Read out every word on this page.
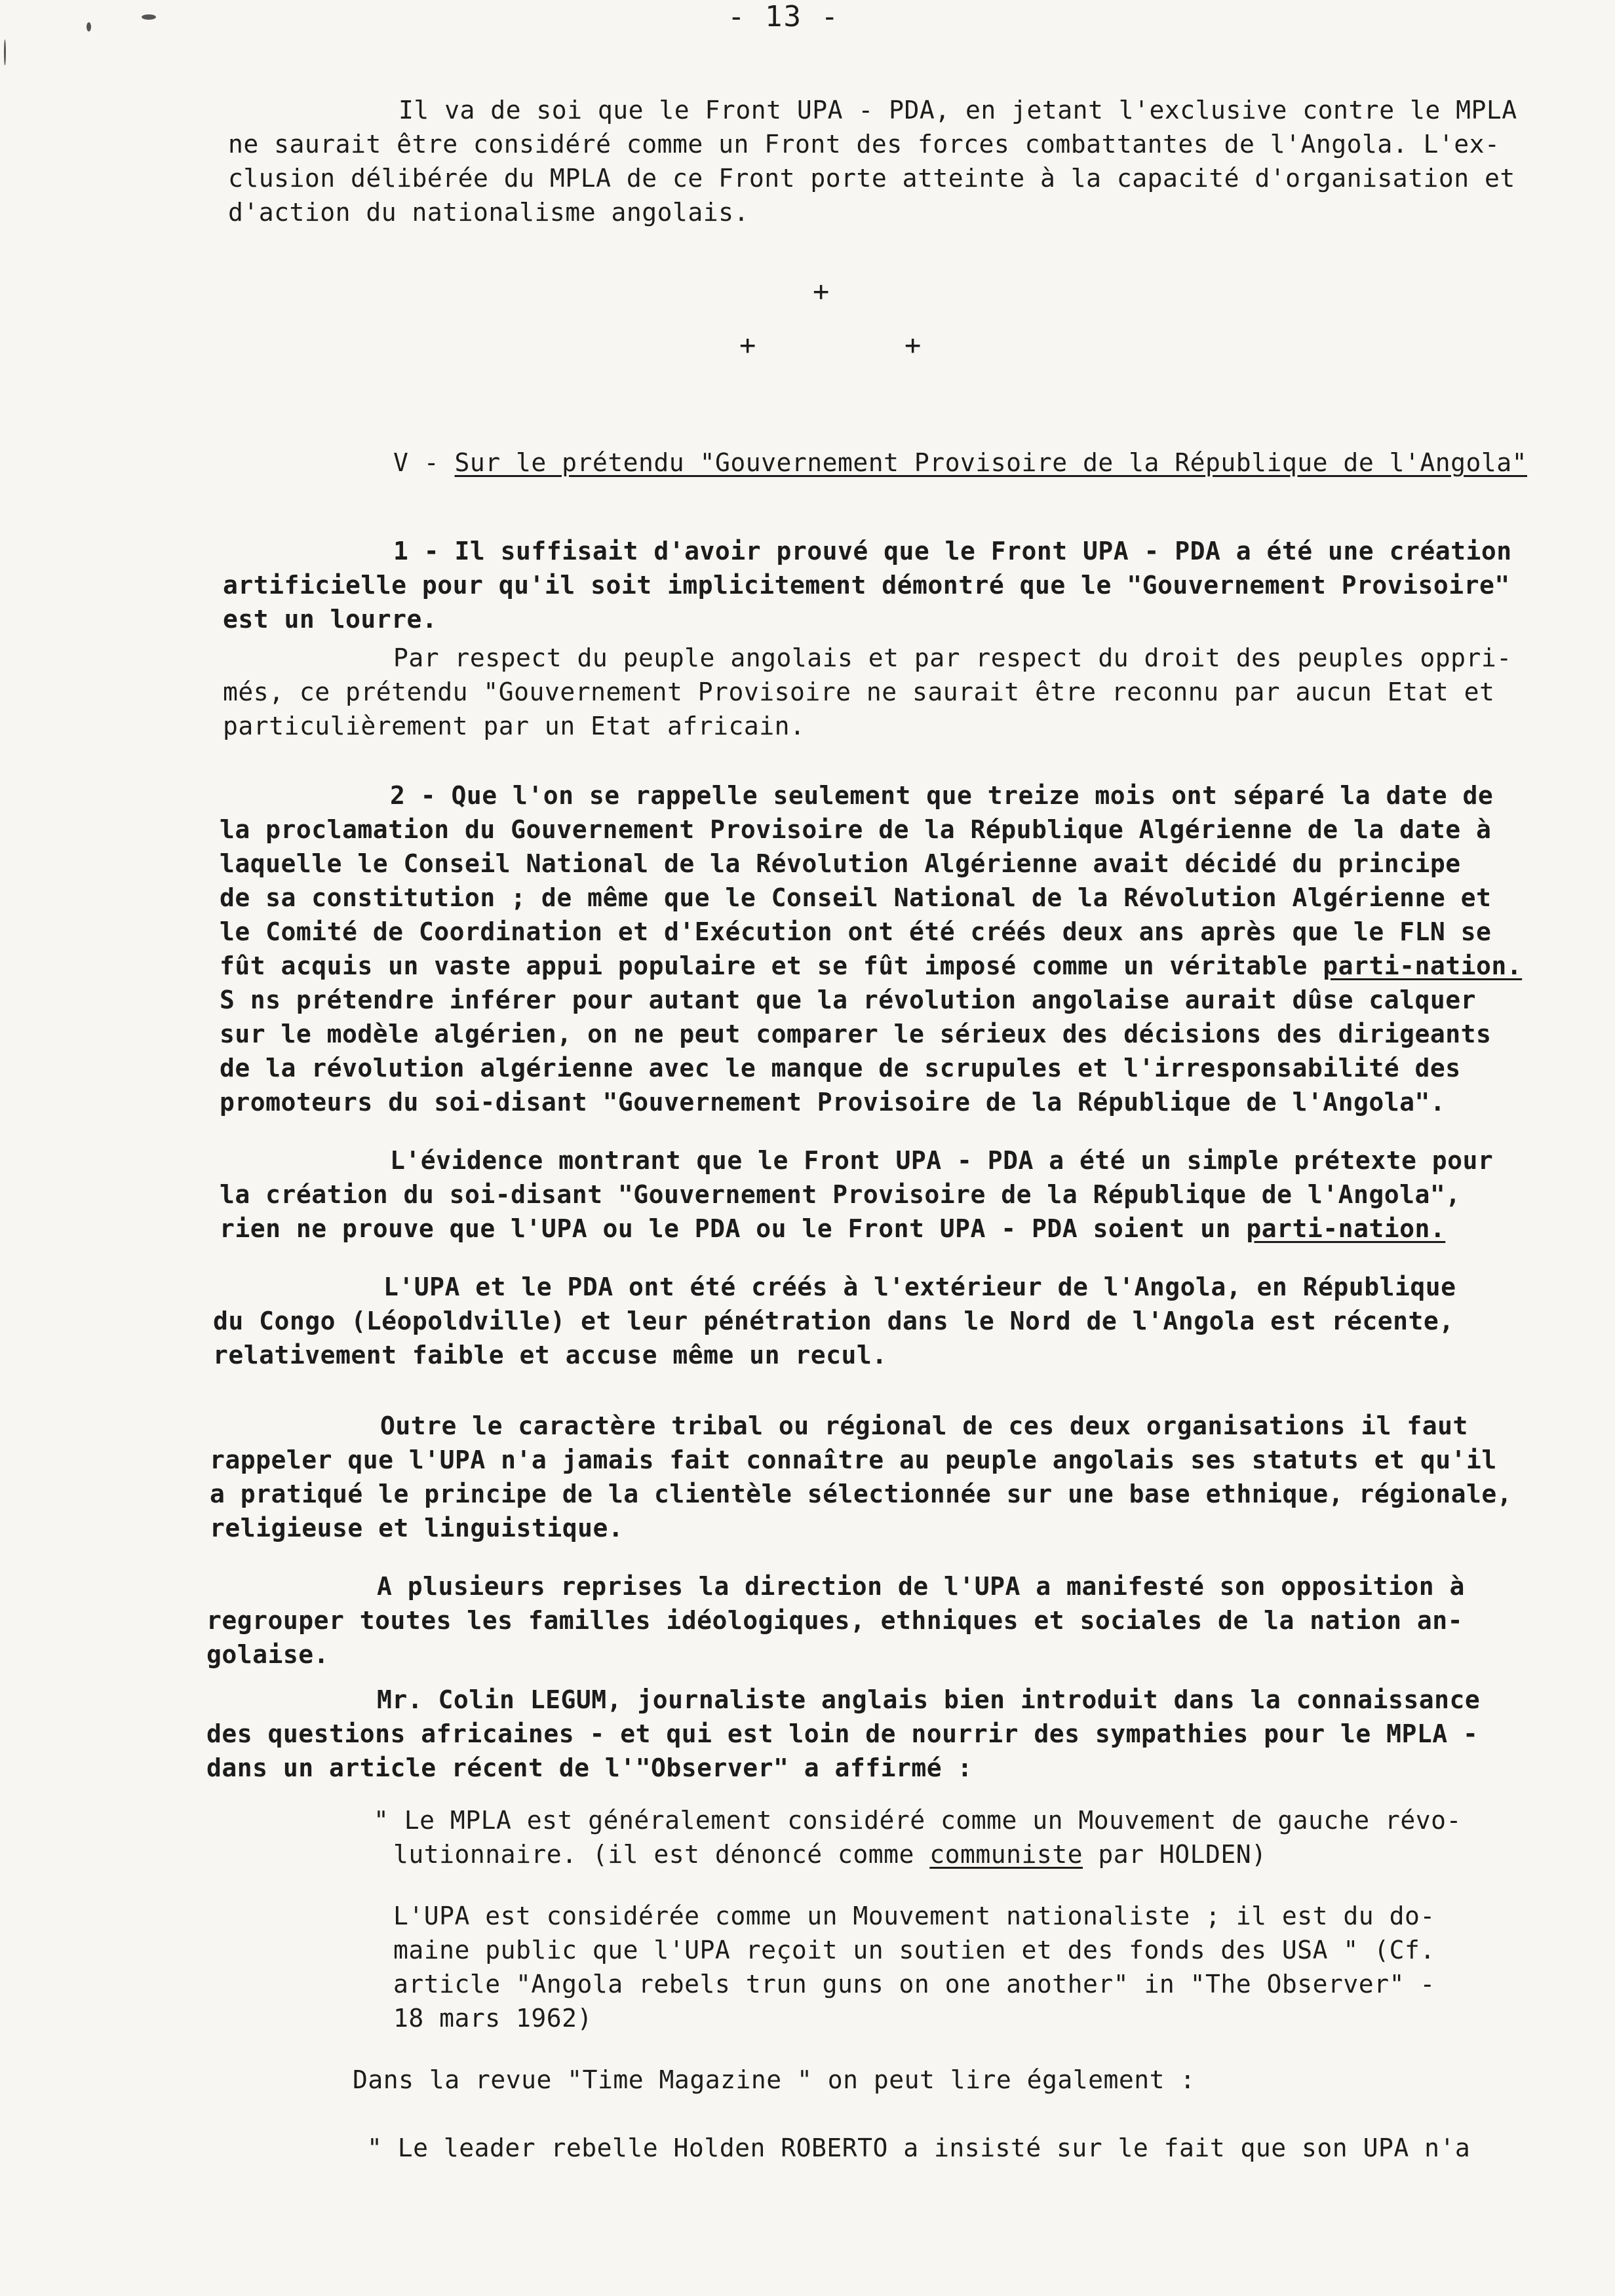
- 13 -
Il va de soi que le Front UPA - PDA, en jetant l'exclusive contre le MPLA
ne saurait être considéré comme un Front des forces combattantes de l'Angola. L'ex-
clusion délibérée du MPLA de ce Front porte atteinte à la capacité d'organisation et
d'action du nationalisme angolais.
+
+	+
V - Sur le prétendu "Gouvernement Provisoire de la République de l'Angola"
1 - Il suffisait d'avoir prouvé que le Front UPA - PDA a été une création
artificielle pour qu'il soit implicitement démontré que le "Gouvernement Provisoire"
est un lourre.
Par respect du peuple angolais et par respect du droit des peuples oppri-
més, ce prétendu "Gouvernement Provisoire ne saurait être reconnu par aucun Etat et
particulièrement par un Etat africain.
2 - Que l'on se rappelle seulement que treize mois ont séparé la date de
la proclamation du Gouvernement Provisoire de la République Algérienne de la date à
laquelle le Conseil National de la Révolution Algérienne avait décidé du principe
de sa constitution ; de même que le Conseil National de la Révolution Algérienne et
le Comité de Coordination et d'Exécution ont été créés deux ans après que le FLN se
fût acquis un vaste appui populaire et se fût imposé comme un véritable parti-nation.
S ns prétendre inférer pour autant que la révolution angolaise aurait dûse calquer
sur le modèle algérien, on ne peut comparer le sérieux des décisions des dirigeants
de la révolution algérienne avec le manque de scrupules et l'irresponsabilité des
promoteurs du soi-disant "Gouvernement Provisoire de la République de l'Angola".
L'évidence montrant que le Front UPA - PDA a été un simple prétexte pour
la création du soi-disant "Gouvernement Provisoire de la République de l'Angola",
rien ne prouve que l'UPA ou le PDA ou le Front UPA - PDA soient un parti-nation.
L'UPA et le PDA ont été créés à l'extérieur de l'Angola, en République
du Congo (Léopoldville) et leur pénétration dans le Nord de l'Angola est récente,
relativement faible et accuse même un recul.
Outre le caractère tribal ou régional de ces deux organisations il faut
rappeler que l'UPA n'a jamais fait connaître au peuple angolais ses statuts et qu'il
a pratiqué le principe de la clientèle sélectionnée sur une base ethnique, régionale,
religieuse et linguistique.
A plusieurs reprises la direction de l'UPA a manifesté son opposition à
regrouper toutes les familles idéologiques, ethniques et sociales de la nation an-
golaise.
Mr. Colin LEGUM, journaliste anglais bien introduit dans la connaissance
des questions africaines - et qui est loin de nourrir des sympathies pour le MPLA -
dans un article récent de l'"Observer" a affirmé :
" Le MPLA est généralement considéré comme un Mouvement de gauche révo-
lutionnaire. (il est dénoncé comme communiste par HOLDEN)
L'UPA est considérée comme un Mouvement nationaliste ; il est du do-
maine public que l'UPA reçoit un soutien et des fonds des USA " (Cf.
article "Angola rebels trun guns on one another" in "The Observer" -
18 mars 1962)
Dans la revue "Time Magazine " on peut lire également :
" Le leader rebelle Holden ROBERTO a insisté sur le fait que son UPA n'a
